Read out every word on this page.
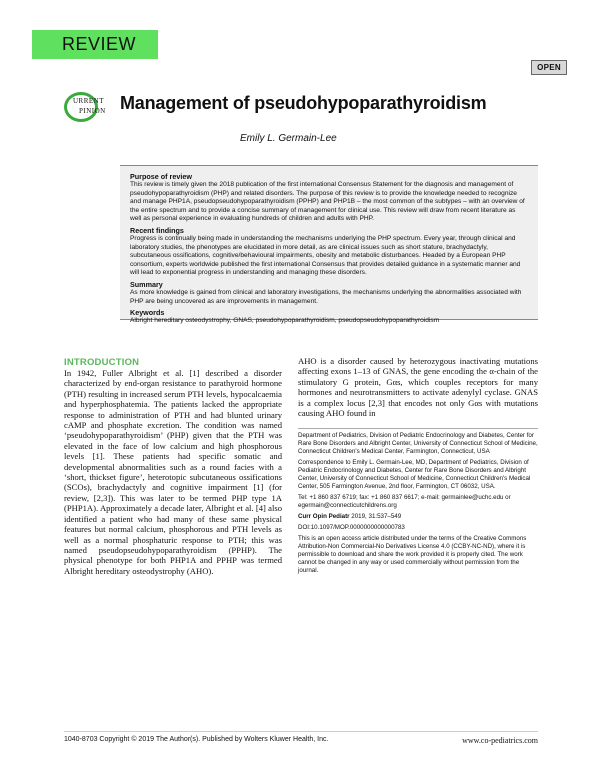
REVIEW
OPEN
URRENT
PINION Management of pseudohypoparathyroidism
Emily L. Germain-Lee

Purpose of review

This review is timely given the 2018 publication of the first international Consensus Statement for the diagnosis and management of pseudohypoparathyroidism (PHP) and related disorders. The purpose of this review is to provide the knowledge needed to recognize and manage PHP1A, pseudopseudohypoparathyroidism (PPHP) and PHP1B – the most common of the subtypes – with an overview of the entire spectrum and to provide a concise summary of management for clinical use. This review will draw from recent literature as well as personal experience in evaluating hundreds of children and adults with PHP.

Recent findings

Progress is continually being made in understanding the mechanisms underlying the PHP spectrum. Every year, through clinical and laboratory studies, the phenotypes are elucidated in more detail, as are clinical issues such as short stature, brachydactyly, subcutaneous ossifications, cognitive/behavioural impairments, obesity and metabolic disturbances. Headed by a European PHP consortium, experts worldwide published the first international Consensus that provides detailed guidance in a systematic manner and will lead to exponential progress in understanding and managing these disorders.

Summary

As more knowledge is gained from clinical and laboratory investigations, the mechanisms underlying the abnormalities associated with PHP are being uncovered as are improvements in management.

Keywords

Albright hereditary osteodystrophy, GNAS, pseudohypoparathyroidism, pseudopseudohypoparathyroidism

INTRODUCTION
In 1942, Fuller Albright et al. [1] described a disorder characterized by end-organ resistance to parathyroid hormone (PTH) resulting in increased serum PTH levels, hypocalcaemia and hyperphosphatemia. The patients lacked the appropriate response to administration of PTH and had blunted urinary cAMP and phosphate excretion. The condition was named ‘pseudohypoparathyroidism’ (PHP) given that the PTH was elevated in the face of low calcium and high phosphorous levels [1]. These patients had specific somatic and developmental abnormalities such as a round facies with a ‘short, thickset figure’, heterotopic subcutaneous ossifications (SCOs), brachydactyly and cognitive impairment [1] (for review, [2,3]). This was later to be termed PHP type 1A (PHP1A). Approximately a decade later, Albright et al. [4] also identified a patient who had many of these same physical features but normal calcium, phosphorous and PTH levels as well as a normal phosphaturic response to PTH; this was named pseudopseudohypoparathyroidism (PPHP). The physical phenotype for both PHP1A and PPHP was termed Albright hereditary osteodystrophy (AHO).
AHO is a disorder caused by heterozygous inactivating mutations affecting exons 1–13 of GNAS, the gene encoding the α-chain of the stimulatory G protein, Gαs, which couples receptors for many hormones and neurotransmitters to activate adenylyl cyclase. GNAS is a complex locus [2,3] that encodes not only Gαs with mutations causing AHO found in

Department of Pediatrics, Division of Pediatric Endocrinology and Diabetes, Center for Rare Bone Disorders and Albright Center, University of Connecticut School of Medicine, Connecticut Children's Medical Center, Farmington, Connecticut, USA

Correspondence to Emily L. Germain-Lee, MD, Department of Pediatrics, Division of Pediatric Endocrinology and Diabetes, Center for Rare Bone Disorders and Albright Center, University of Connecticut School of Medicine, Connecticut Children's Medical Center, 505 Farmington Avenue, 2nd floor, Farmington, CT 06032, USA.

Tel: +1 860 837 6719; fax: +1 860 837 6617; e-mail: germainlee@uchc.edu or egermain@connecticutchildrens.org

Curr Opin Pediatr 2019, 31:537–549

DOI:10.1097/MOP.0000000000000783

This is an open access article distributed under the terms of the Creative Commons Attribution-Non Commercial-No Derivatives License 4.0 (CCBY-NC-ND), where it is permissible to download and share the work provided it is properly cited. The work cannot be changed in any way or used commercially without permission from the journal.

1040-8703 Copyright © 2019 The Author(s). Published by Wolters Kluwer Health, Inc.	www.co-pediatrics.com
